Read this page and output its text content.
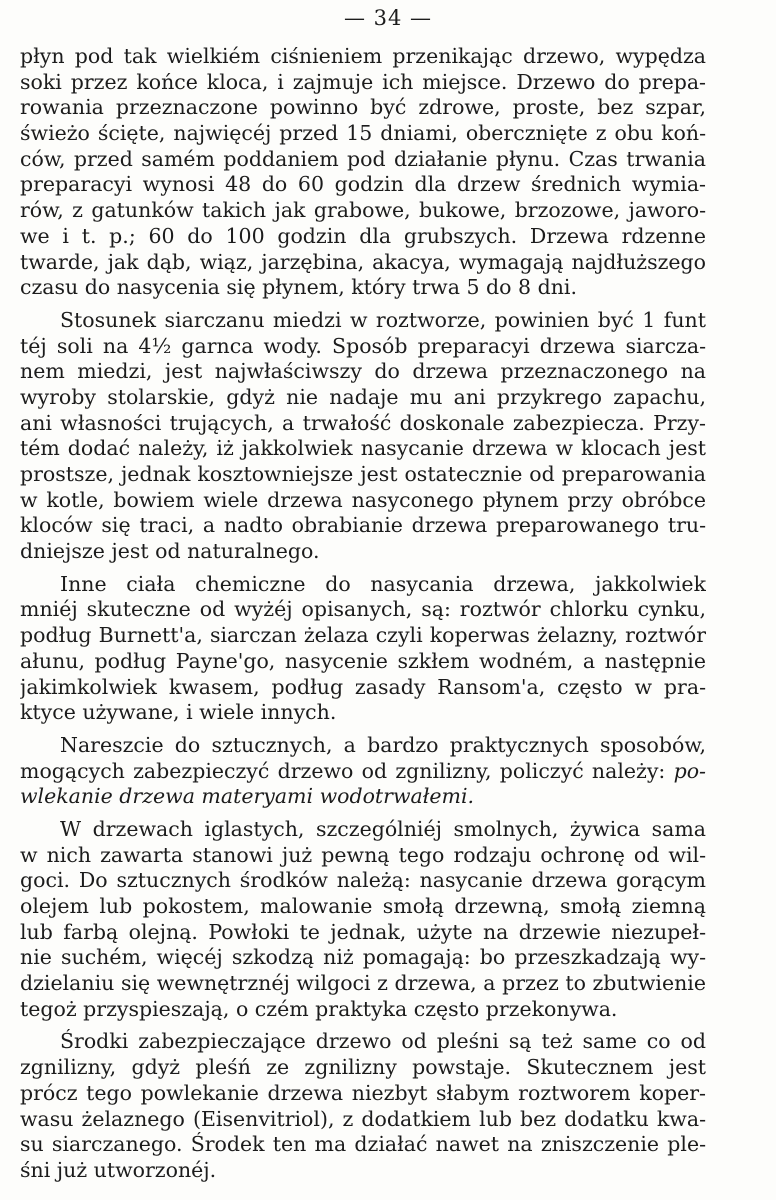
— 34 —
płyn pod tak wielkiém ciśnieniem przenikając drzewo, wypędza
soki przez końce kloca, i zajmuje ich miejsce. Drzewo do prepa-
rowania przeznaczone powinno być zdrowe, proste, bez szpar,
świeżo ścięte, najwięcéj przed 15 dniami, obercznięte z obu koń-
ców, przed samém poddaniem pod działanie płynu. Czas trwania
preparacyi wynosi 48 do 60 godzin dla drzew średnich wymia-
rów, z gatunków takich jak grabowe, bukowe, brzozowe, jaworo-
we i t. p.; 60 do 100 godzin dla grubszych. Drzewa rdzenne
twarde, jak dąb, wiąz, jarzębina, akacya, wymagają najdłuższego
czasu do nasycenia się płynem, który trwa 5 do 8 dni.
Stosunek siarczanu miedzi w roztworze, powinien być 1 funt
téj soli na 4½ garnca wody. Sposób preparacyi drzewa siarcza-
nem miedzi, jest najwłaściwszy do drzewa przeznaczonego na
wyroby stolarskie, gdyż nie nadaje mu ani przykrego zapachu,
ani własności trujących, a trwałość doskonale zabezpiecza. Przy-
tém dodać należy, iż jakkolwiek nasycanie drzewa w klocach jest
prostsze, jednak kosztowniejsze jest ostatecznie od preparowania
w kotle, bowiem wiele drzewa nasyconego płynem przy obróbce
kloców się traci, a nadto obrabianie drzewa preparowanego tru-
dniejsze jest od naturalnego.
Inne ciała chemiczne do nasycania drzewa, jakkolwiek
mniéj skuteczne od wyżéj opisanych, są: roztwór chlorku cynku,
podług Burnett'a, siarczan żelaza czyli koperwas żelazny, roztwór
ałunu, podług Payne'go, nasycenie szkłem wodném, a następnie
jakimkolwiek kwasem, podług zasady Ransom'a, często w pra-
ktyce używane, i wiele innych.
Nareszcie do sztucznych, a bardzo praktycznych sposobów,
mogących zabezpieczyć drzewo od zgnilizny, policzyć należy: po-
wlekanie drzewa materyami wodotrwałemi.
W drzewach iglastych, szczególniéj smolnych, żywica sama
w nich zawarta stanowi już pewną tego rodzaju ochronę od wil-
goci. Do sztucznych środków należą: nasycanie drzewa gorącym
olejem lub pokostem, malowanie smołą drzewną, smołą ziemną
lub farbą olejną. Powłoki te jednak, użyte na drzewie niezupeł-
nie suchém, więcéj szkodzą niż pomagają: bo przeszkadzają wy-
dzielaniu się wewnętrznéj wilgoci z drzewa, a przez to zbutwienie
tegoż przyspieszają, o czém praktyka często przekonywa.
Środki zabezpieczające drzewo od pleśni są też same co od
zgnilizny, gdyż pleśń ze zgnilizny powstaje. Skutecznem jest
prócz tego powlekanie drzewa niezbyt słabym roztworem koper-
wasu żelaznego (Eisenvitriol), z dodatkiem lub bez dodatku kwa-
su siarczanego. Środek ten ma działać nawet na zniszczenie ple-
śni już utworzonéj.
